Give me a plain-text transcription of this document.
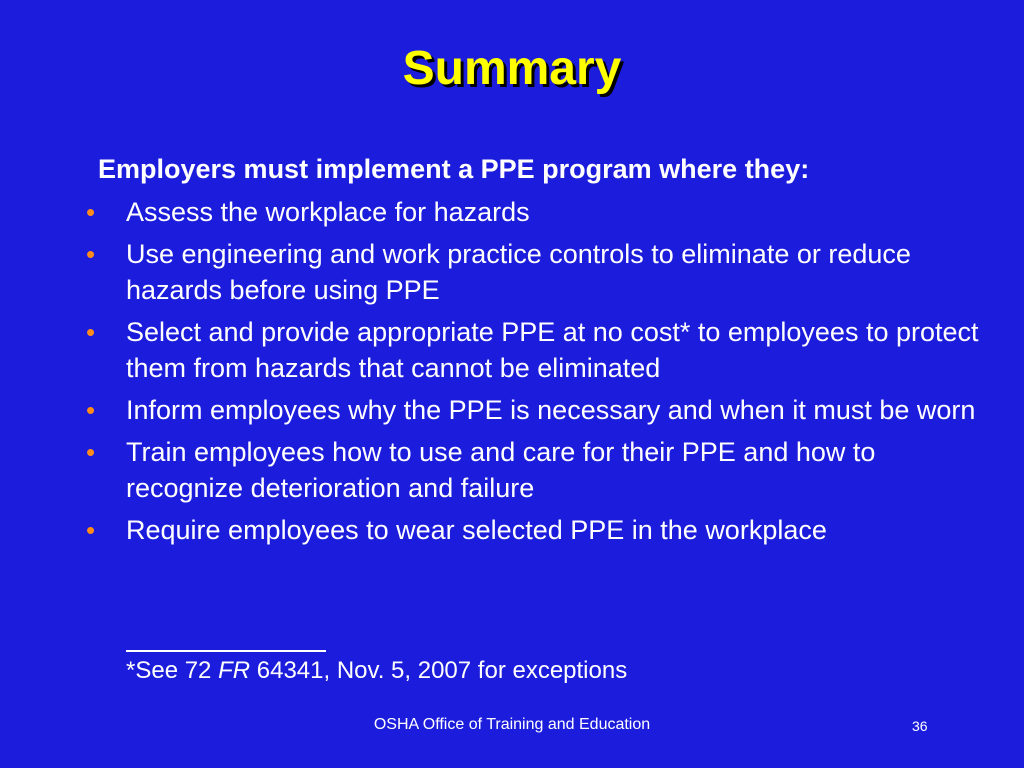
Summary
Employers must implement a PPE program where they:
• Assess the workplace for hazards
• Use engineering and work practice controls to eliminate or reduce hazards before using PPE
• Select and provide appropriate PPE at no cost* to employees to protect them from hazards that cannot be eliminated
• Inform employees why the PPE is necessary and when it must be worn
• Train employees how to use and care for their PPE and how to recognize deterioration and failure
• Require employees to wear selected PPE in the workplace
*See 72 FR 64341, Nov. 5, 2007 for exceptions
OSHA Office of Training and Education	36
